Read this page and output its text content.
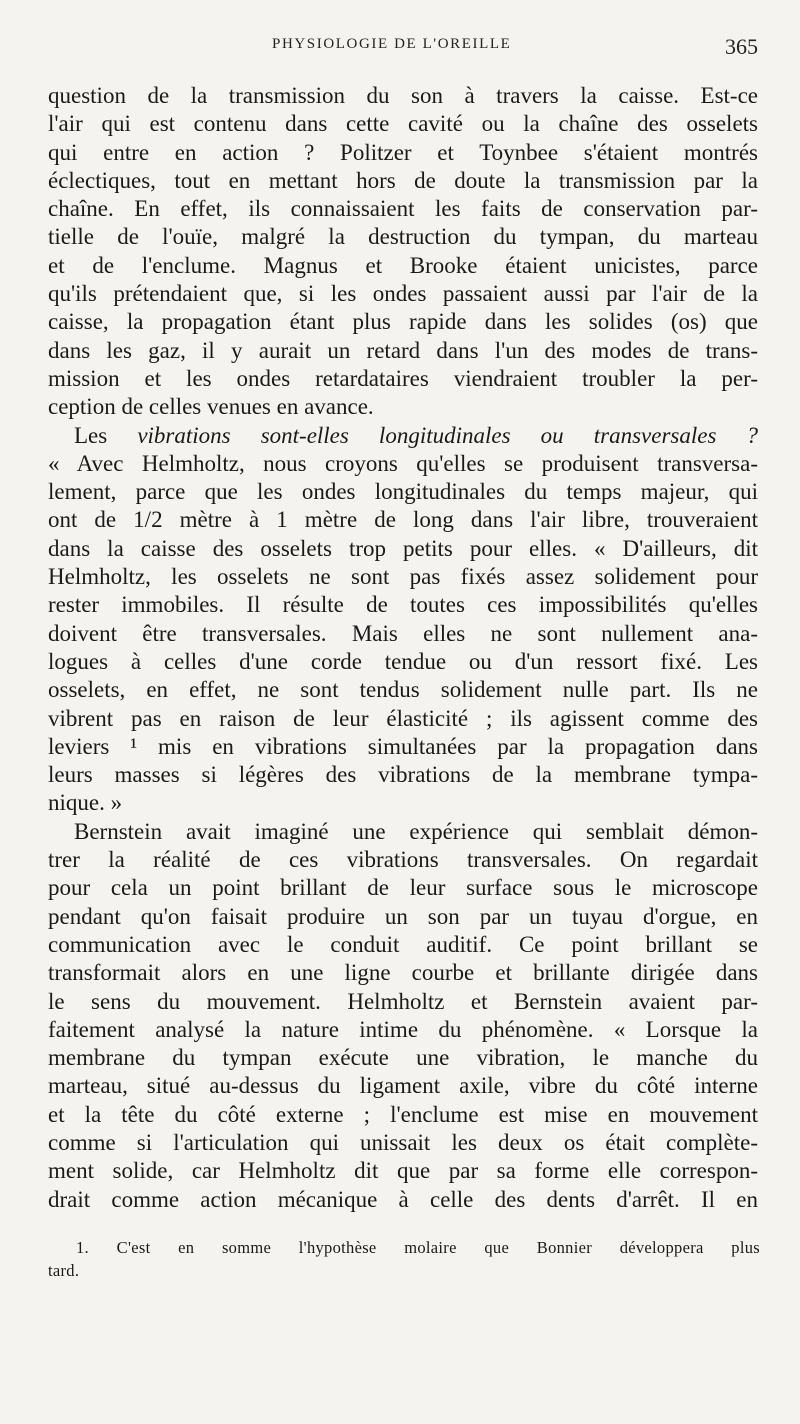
PHYSIOLOGIE DE L'OREILLE	365
question de la transmission du son à travers la caisse. Est-ce
l'air qui est contenu dans cette cavité ou la chaîne des osselets
qui entre en action ? Politzer et Toynbee s'étaient montrés
éclectiques, tout en mettant hors de doute la transmission par la
chaîne. En effet, ils connaissaient les faits de conservation par-
tielle de l'ouïe, malgré la destruction du tympan, du marteau
et de l'enclume. Magnus et Brooke étaient unicistes, parce
qu'ils prétendaient que, si les ondes passaient aussi par l'air de la
caisse, la propagation étant plus rapide dans les solides (os) que
dans les gaz, il y aurait un retard dans l'un des modes de trans-
mission et les ondes retardataires viendraient troubler la per-
ception de celles venues en avance.
Les vibrations sont-elles longitudinales ou transversales ?
« Avec Helmholtz, nous croyons qu'elles se produisent transversa-
lement, parce que les ondes longitudinales du temps majeur, qui
ont de 1/2 mètre à 1 mètre de long dans l'air libre, trouveraient
dans la caisse des osselets trop petits pour elles. « D'ailleurs, dit
Helmholtz, les osselets ne sont pas fixés assez solidement pour
rester immobiles. Il résulte de toutes ces impossibilités qu'elles
doivent être transversales. Mais elles ne sont nullement ana-
logues à celles d'une corde tendue ou d'un ressort fixé. Les
osselets, en effet, ne sont tendus solidement nulle part. Ils ne
vibrent pas en raison de leur élasticité ; ils agissent comme des
leviers ¹ mis en vibrations simultanées par la propagation dans
leurs masses si légères des vibrations de la membrane tympa-
nique. »
Bernstein avait imaginé une expérience qui semblait démon-
trer la réalité de ces vibrations transversales. On regardait
pour cela un point brillant de leur surface sous le microscope
pendant qu'on faisait produire un son par un tuyau d'orgue, en
communication avec le conduit auditif. Ce point brillant se
transformait alors en une ligne courbe et brillante dirigée dans
le sens du mouvement. Helmholtz et Bernstein avaient par-
faitement analysé la nature intime du phénomène. « Lorsque la
membrane du tympan exécute une vibration, le manche du
marteau, situé au-dessus du ligament axile, vibre du côté interne
et la tête du côté externe ; l'enclume est mise en mouvement
comme si l'articulation qui unissait les deux os était complète-
ment solide, car Helmholtz dit que par sa forme elle correspon-
drait comme action mécanique à celle des dents d'arrêt. Il en
1. C'est en somme l'hypothèse molaire que Bonnier développera plus
tard.
